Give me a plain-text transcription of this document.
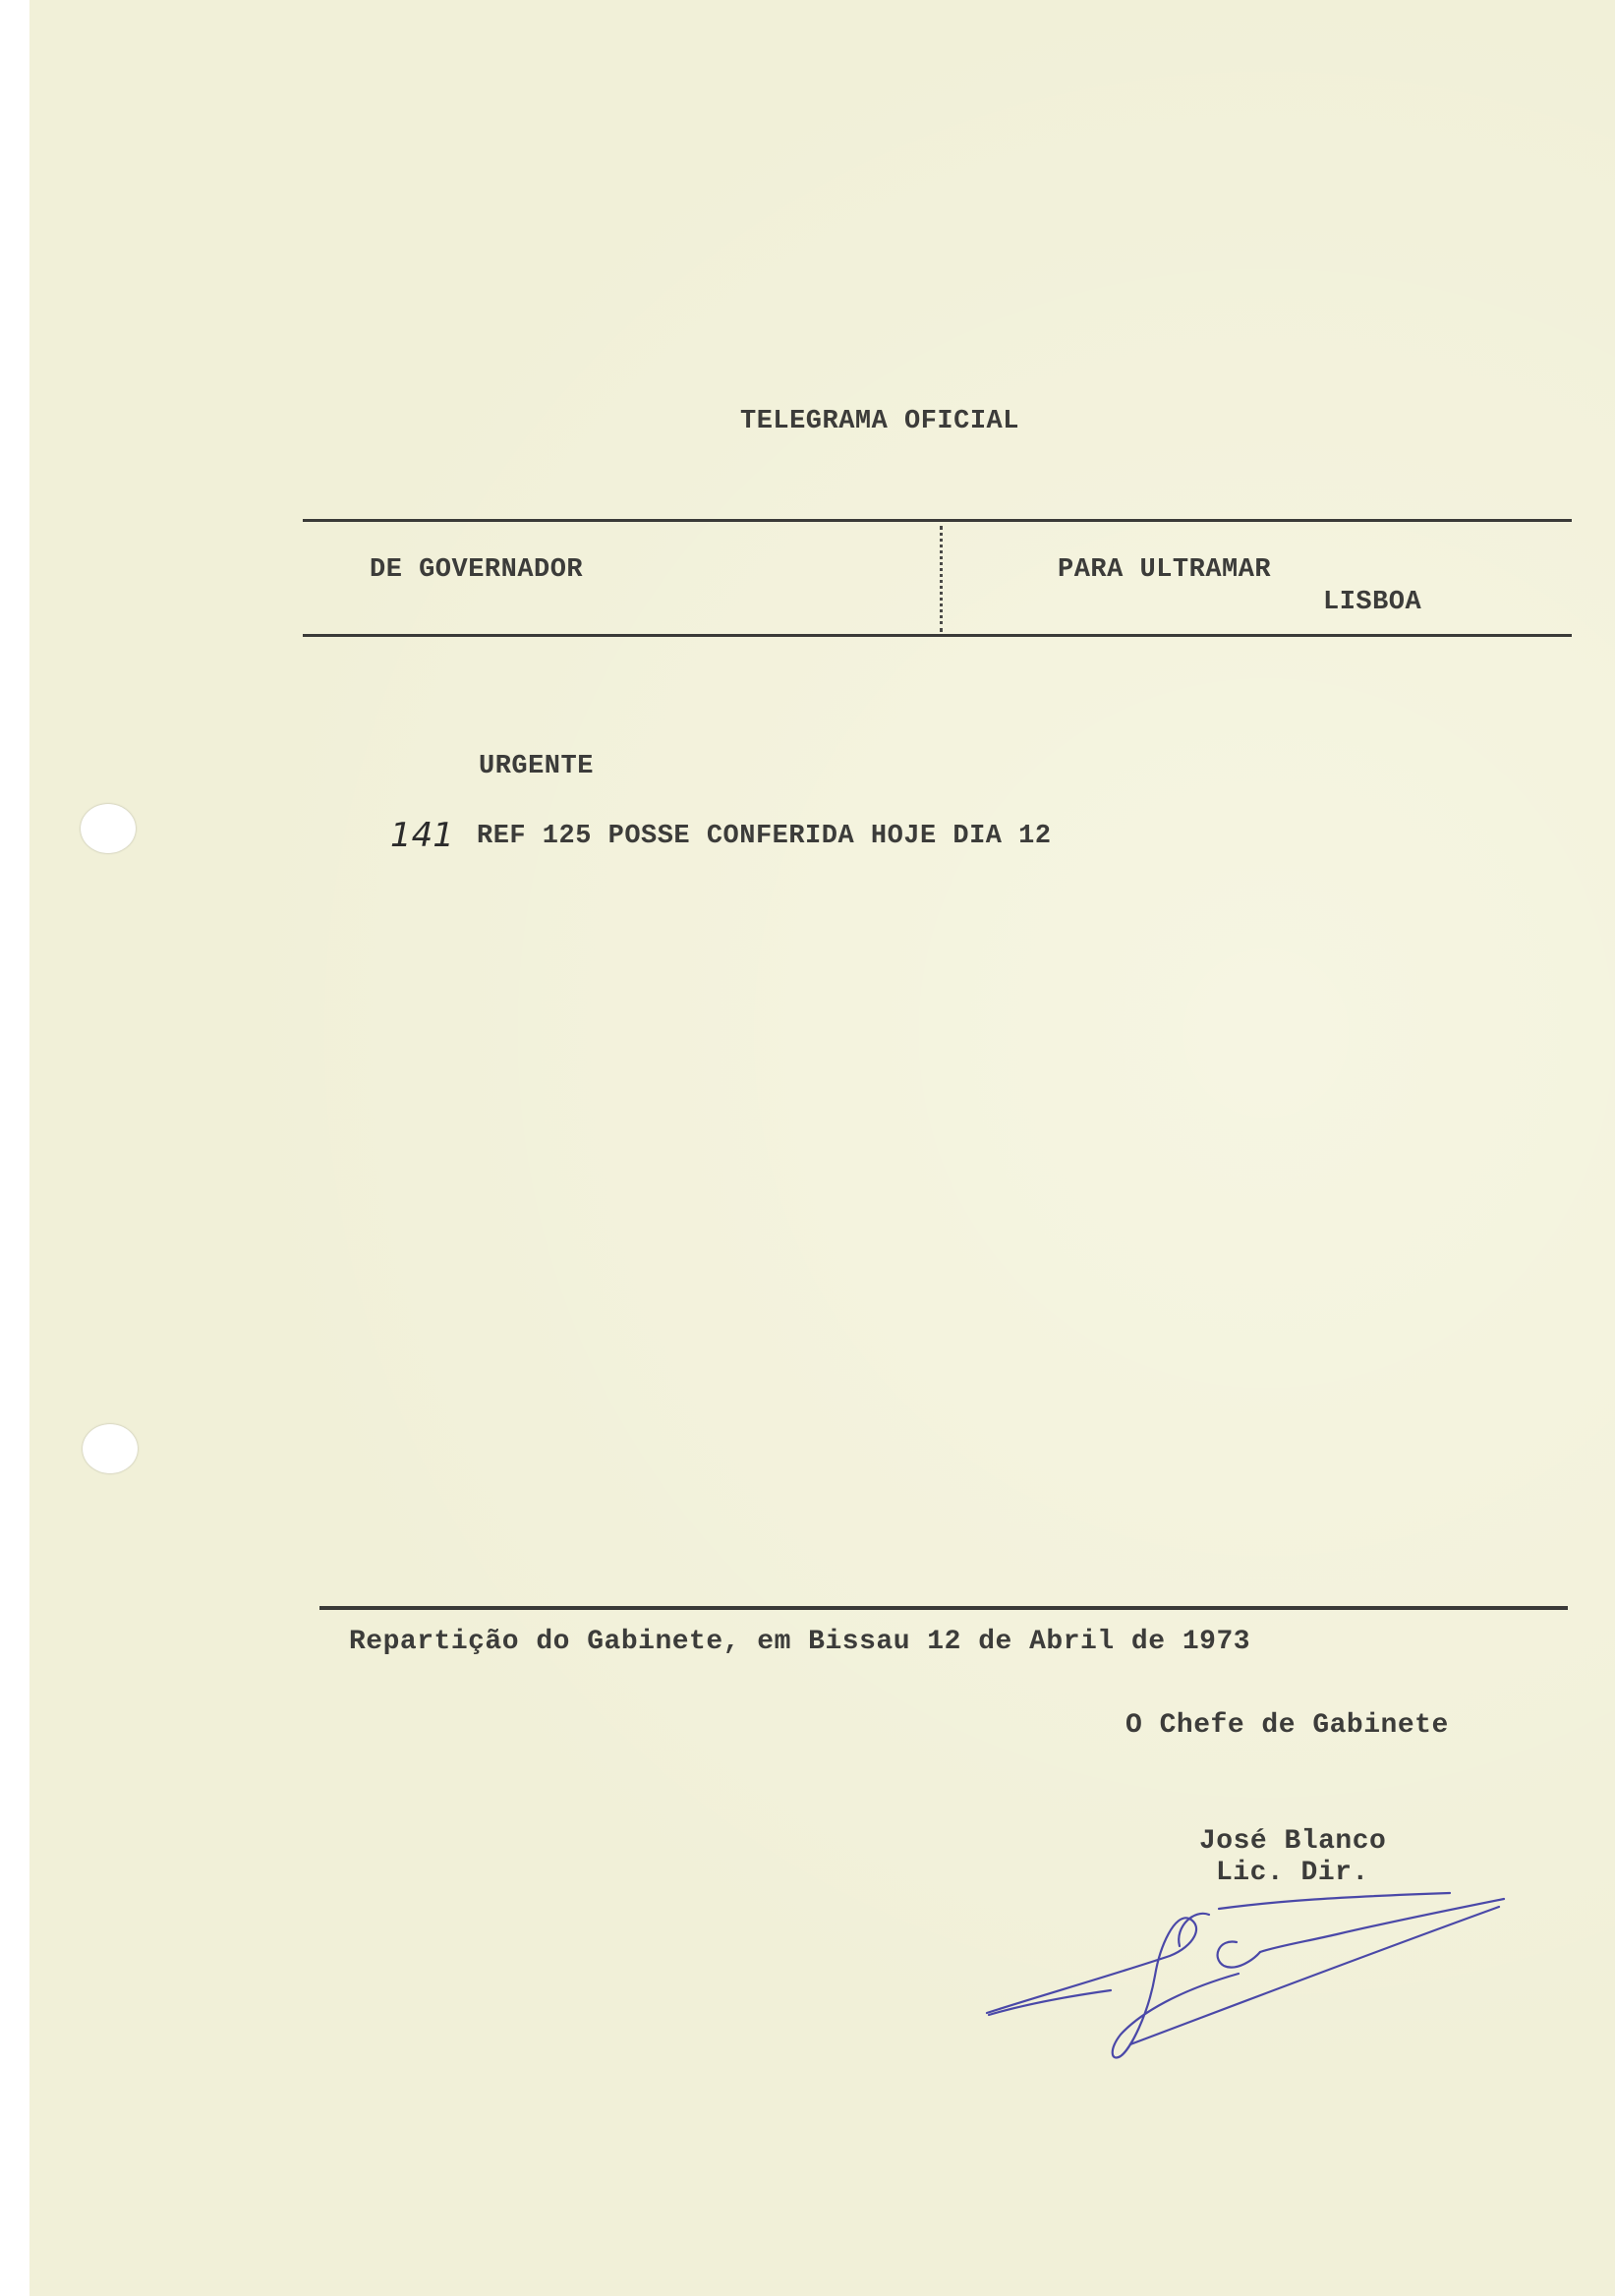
TELEGRAMA OFICIAL
DE GOVERNADOR	PARA ULTRAMAR
LISBOA
URGENTE
141 REF 125 POSSE CONFERIDA HOJE DIA 12
Repartição do Gabinete, em Bissau 12 de Abril de 1973
O Chefe de Gabinete
José Blanco
Lic. Dir.
